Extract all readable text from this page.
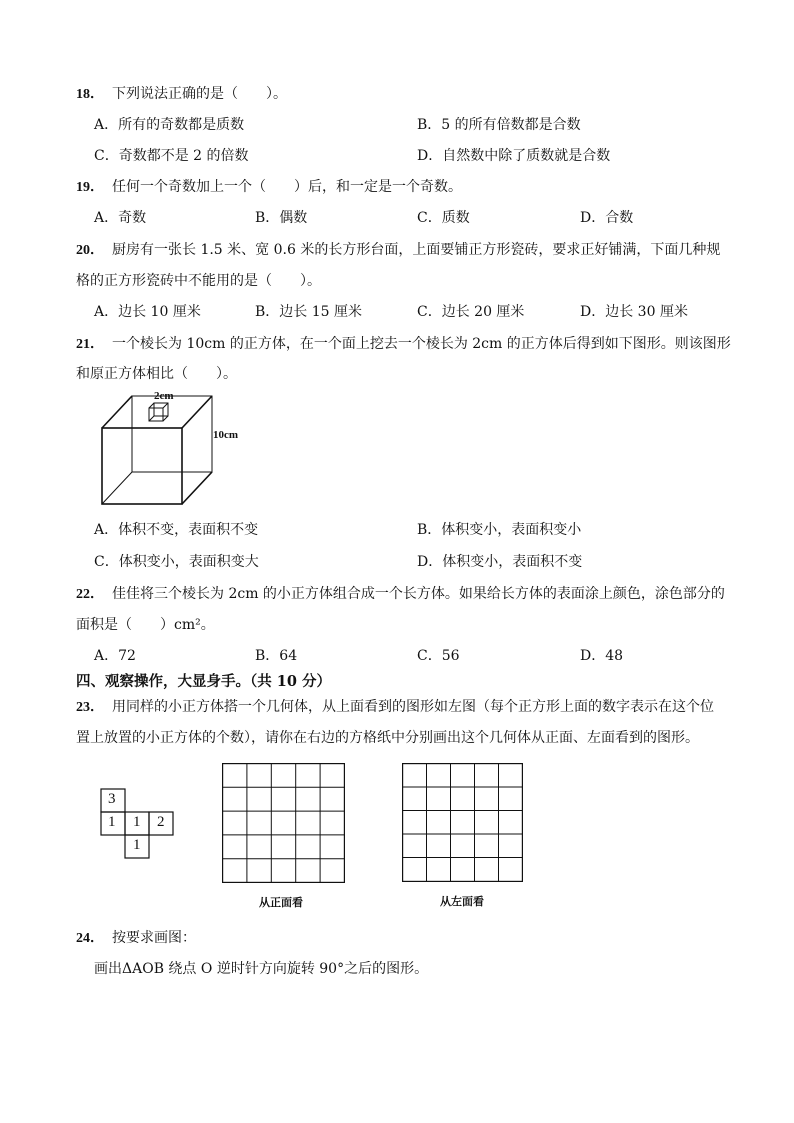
18． 下列说法正确的是（　　）。
A．所有的奇数都是质数	B．5 的所有倍数都是合数
C．奇数都不是 2 的倍数	D．自然数中除了质数就是合数
19． 任何一个奇数加上一个（　　）后，和一定是一个奇数。
A．奇数	B．偶数	C．质数	D．合数
20． 厨房有一张长 1.5 米、宽 0.6 米的长方形台面，上面要铺正方形瓷砖，要求正好铺满，下面几种规
格的正方形瓷砖中不能用的是（　　）。
A．边长 10 厘米	B．边长 15 厘米	C．边长 20 厘米	D．边长 30 厘米
21． 一个棱长为 10cm 的正方体，在一个面上挖去一个棱长为 2cm 的正方体后得到如下图形。则该图形
和原正方体相比（　　）。
2cm
10cm
A．体积不变，表面积不变	B．体积变小，表面积变小
C．体积变小，表面积变大	D．体积变小，表面积不变
22． 佳佳将三个棱长为 2cm 的小正方体组合成一个长方体。如果给长方体的表面涂上颜色，涂色部分的
面积是（　　）cm²。
A．72	B．64	C．56	D．48
四、观察操作，大显身手。（共 10 分）
23． 用同样的小正方体搭一个几何体，从上面看到的图形如左图（每个正方形上面的数字表示在这个位
置上放置的小正方体的个数），请你在右边的方格纸中分别画出这个几何体从正面、左面看到的图形。
3
1 1 2
1
从正面看	从左面看
24． 按要求画图：
画出ΔAOB 绕点 O 逆时针方向旋转 90°之后的图形。
